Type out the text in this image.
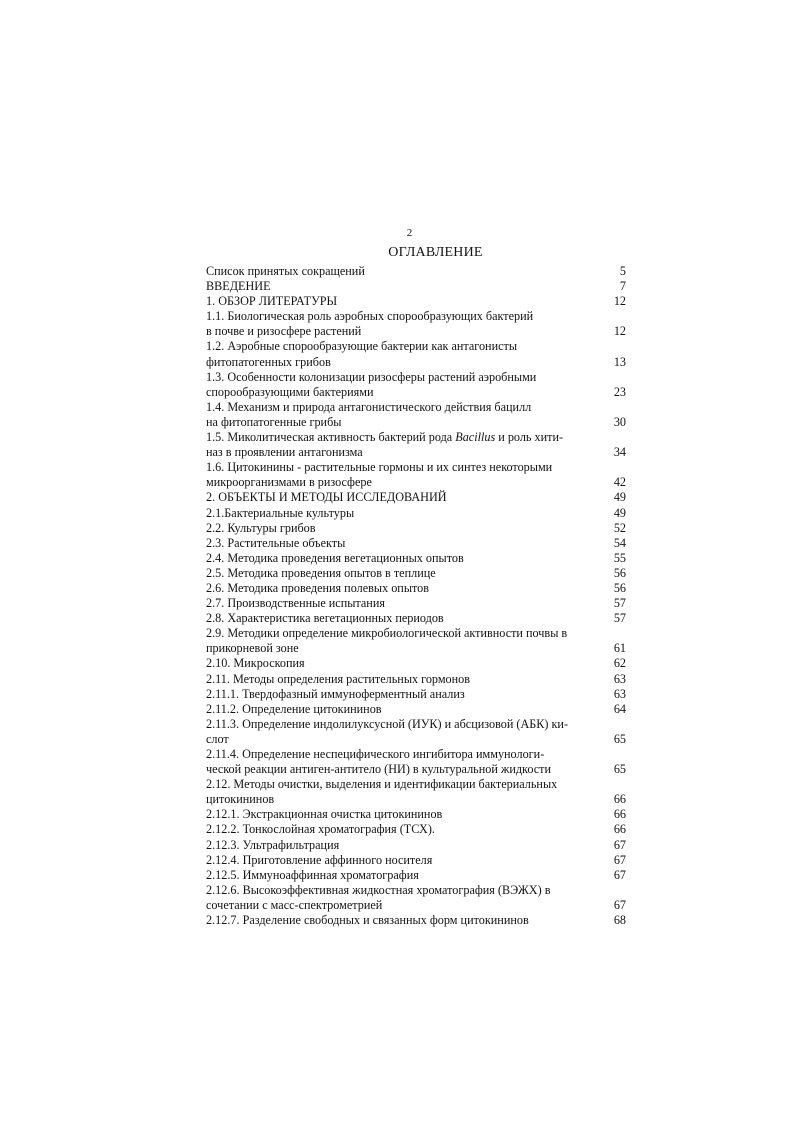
2
ОГЛАВЛЕНИЕ
Список принятых сокращений	5
ВВЕДЕНИЕ	7
1. ОБЗОР ЛИТЕРАТУРЫ	12
1.1. Биологическая роль аэробных спорообразующих бактерий
в почве и ризосфере растений	12
1.2. Аэробные спорообразующие бактерии как антагонисты
фитопатогенных грибов	13
1.3. Особенности колонизации ризосферы растений аэробными
спорообразующими бактериями	23
1.4. Механизм и природа антагонистического действия бацилл
на фитопатогенные грибы	30
1.5. Миколитическая активность бактерий рода Bacillus и роль хити-
наз в проявлении антагонизма	34
1.6. Цитокинины - растительные гормоны и их синтез некоторыми
микроорганизмами в ризосфере	42
2. ОБЪЕКТЫ И МЕТОДЫ ИССЛЕДОВАНИЙ	49
2.1.Бактериальные культуры	49
2.2. Культуры грибов	52
2.3. Растительные объекты	54
2.4. Методика проведения вегетационных опытов	55
2.5. Методика проведения опытов в теплице	56
2.6. Методика проведения полевых опытов	56
2.7. Производственные испытания	57
2.8. Характеристика вегетационных периодов	57
2.9. Методики определение микробиологической активности почвы в
прикорневой зоне	61
2.10. Микроскопия	62
2.11. Методы определения растительных гормонов	63
2.11.1. Твердофазный иммуноферментный анализ	63
2.11.2. Определение цитокининов	64
2.11.3. Определение индолилуксусной (ИУК) и абсцизовой (АБК) ки-
слот	65
2.11.4. Определение неспецифического ингибитора иммунологи-
ческой реакции антиген-антитело (НИ) в культуральной жидкости	65
2.12. Методы очистки, выделения и идентификации бактериальных
цитокининов	66
2.12.1. Экстракционная очистка цитокининов	66
2.12.2. Тонкослойная хроматография (ТСХ).	66
2.12.3. Ультрафильтрация	67
2.12.4. Приготовление аффинного носителя	67
2.12.5. Иммуноаффинная хроматография	67
2.12.6. Высокоэффективная жидкостная хроматография (ВЭЖХ) в
сочетании с масс-спектрометрией	67
2.12.7. Разделение свободных и связанных форм цитокининов	68
